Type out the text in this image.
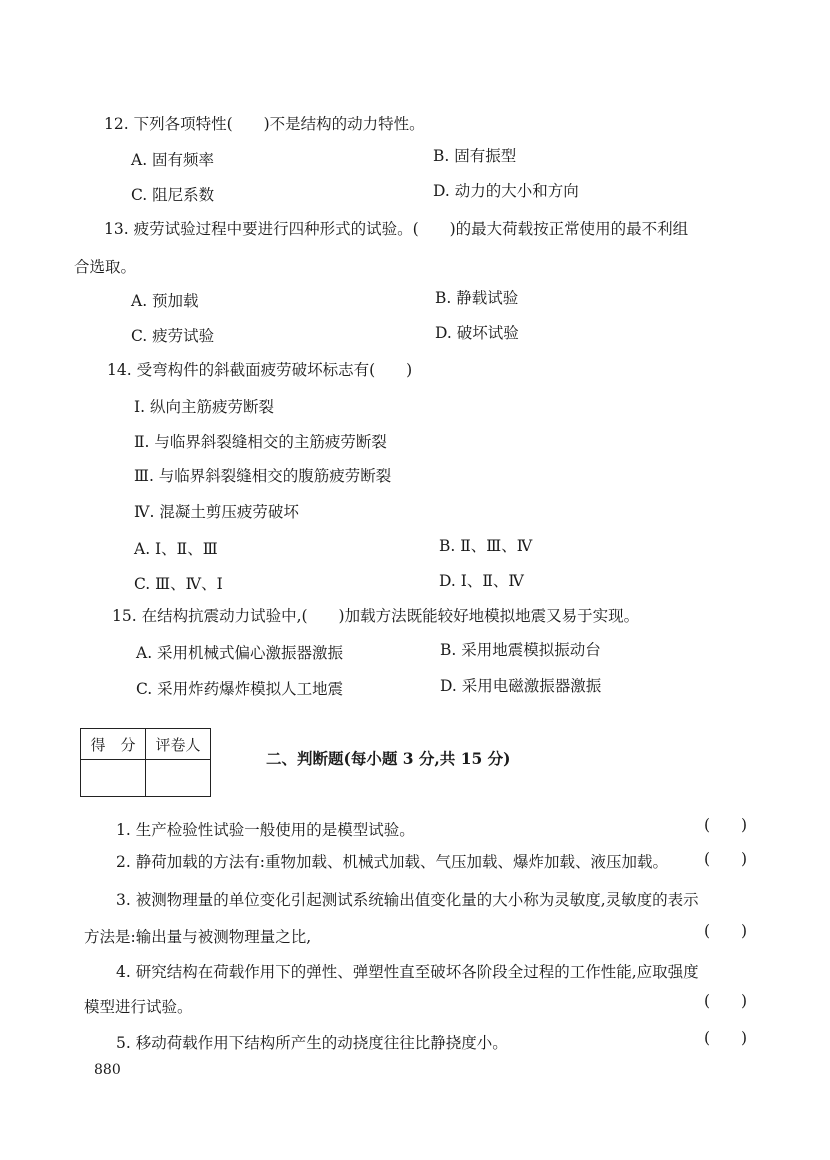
12. 下列各项特性(　　)不是结构的动力特性。
A. 固有频率	B. 固有振型
C. 阻尼系数	D. 动力的大小和方向
13. 疲劳试验过程中要进行四种形式的试验。(　　)的最大荷载按正常使用的最不利组
合选取。
A. 预加载	B. 静载试验
C. 疲劳试验	D. 破坏试验
14. 受弯构件的斜截面疲劳破坏标志有(　　)
Ⅰ. 纵向主筋疲劳断裂
Ⅱ. 与临界斜裂缝相交的主筋疲劳断裂
Ⅲ. 与临界斜裂缝相交的腹筋疲劳断裂
Ⅳ. 混凝土剪压疲劳破坏
A. Ⅰ、Ⅱ、Ⅲ	B. Ⅱ、Ⅲ、Ⅳ
C. Ⅲ、Ⅳ、Ⅰ	D. Ⅰ、Ⅱ、Ⅳ
15. 在结构抗震动力试验中,(　　)加载方法既能较好地模拟地震又易于实现。
A. 采用机械式偏心激振器激振	B. 采用地震模拟振动台
C. 采用炸药爆炸模拟人工地震	D. 采用电磁激振器激振
得　分	评卷人

二、判断题(每小题 3 分,共 15 分)
1. 生产检验性试验一般使用的是模型试验。	(　　)
2. 静荷加载的方法有:重物加载、机械式加载、气压加载、爆炸加载、液压加载。 (　　)
3. 被测物理量的单位变化引起测试系统输出值变化量的大小称为灵敏度,灵敏度的表示
方法是:输出量与被测物理量之比,	(　　)
4. 研究结构在荷载作用下的弹性、弹塑性直至破坏各阶段全过程的工作性能,应取强度
模型进行试验。	(　　)
5. 移动荷载作用下结构所产生的动挠度往往比静挠度小。	(　　)
880
